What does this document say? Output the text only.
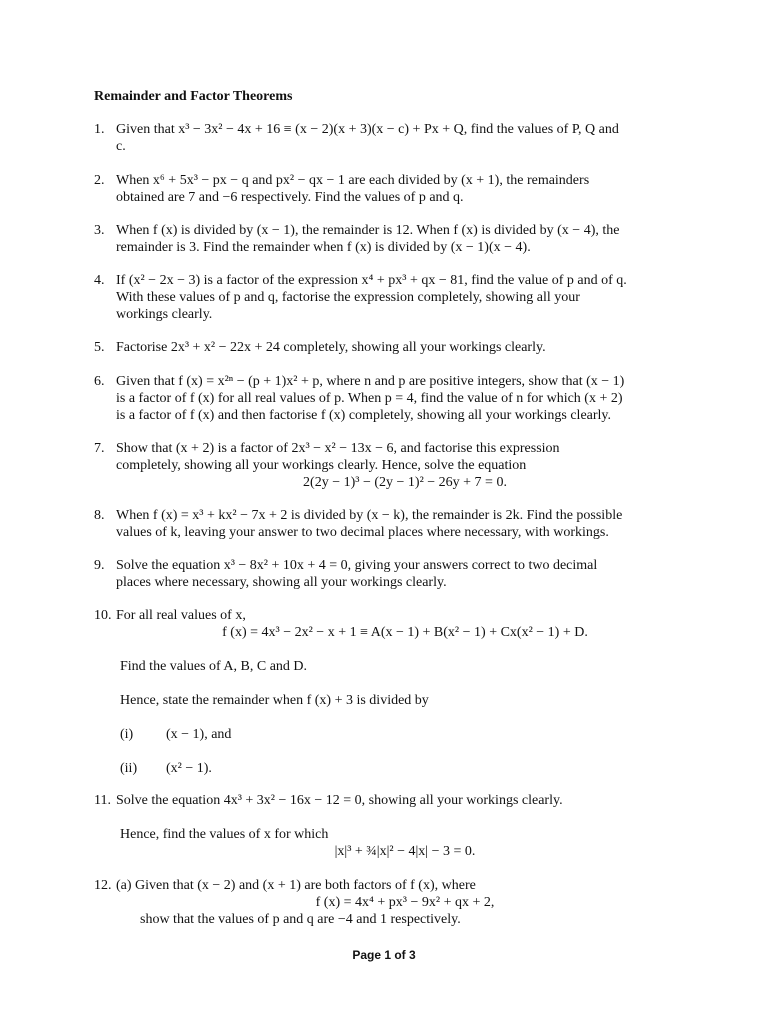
Remainder and Factor Theorems
1. Given that x³ − 3x² − 4x + 16 ≡ (x − 2)(x + 3)(x − c) + Px + Q, find the values of P, Q and
c.
2. When x⁶ + 5x³ − px − q and px² − qx − 1 are each divided by (x + 1), the remainders
obtained are 7 and −6 respectively. Find the values of p and q.
3. When f (x) is divided by (x − 1), the remainder is 12. When f (x) is divided by (x − 4), the
remainder is 3. Find the remainder when f (x) is divided by (x − 1)(x − 4).
4. If (x² − 2x − 3) is a factor of the expression x⁴ + px³ + qx − 81, find the value of p and of q.
With these values of p and q, factorise the expression completely, showing all your
workings clearly.
5. Factorise 2x³ + x² − 22x + 24 completely, showing all your workings clearly.
6. Given that f (x) = x²ⁿ − (p + 1)x² + p, where n and p are positive integers, show that (x − 1)
is a factor of f (x) for all real values of p. When p = 4, find the value of n for which (x + 2)
is a factor of f (x) and then factorise f (x) completely, showing all your workings clearly.
7. Show that (x + 2) is a factor of 2x³ − x² − 13x − 6, and factorise this expression
completely, showing all your workings clearly. Hence, solve the equation
2(2y − 1)³ − (2y − 1)² − 26y + 7 = 0.
8. When f (x) = x³ + kx² − 7x + 2 is divided by (x − k), the remainder is 2k. Find the possible
values of k, leaving your answer to two decimal places where necessary, with workings.
9. Solve the equation x³ − 8x² + 10x + 4 = 0, giving your answers correct to two decimal
places where necessary, showing all your workings clearly.
10. For all real values of x,
f (x) = 4x³ − 2x² − x + 1 ≡ A(x − 1) + B(x² − 1) + Cx(x² − 1) + D.
Find the values of A, B, C and D.
Hence, state the remainder when f (x) + 3 is divided by
(i) (x − 1), and
(ii) (x² − 1).
11. Solve the equation 4x³ + 3x² − 16x − 12 = 0, showing all your workings clearly.
Hence, find the values of x for which
|x|³ + ¾|x|² − 4|x| − 3 = 0.
12. (a) Given that (x − 2) and (x + 1) are both factors of f (x), where
f (x) = 4x⁴ + px³ − 9x² + qx + 2,
show that the values of p and q are −4 and 1 respectively.
Page 1 of 3
